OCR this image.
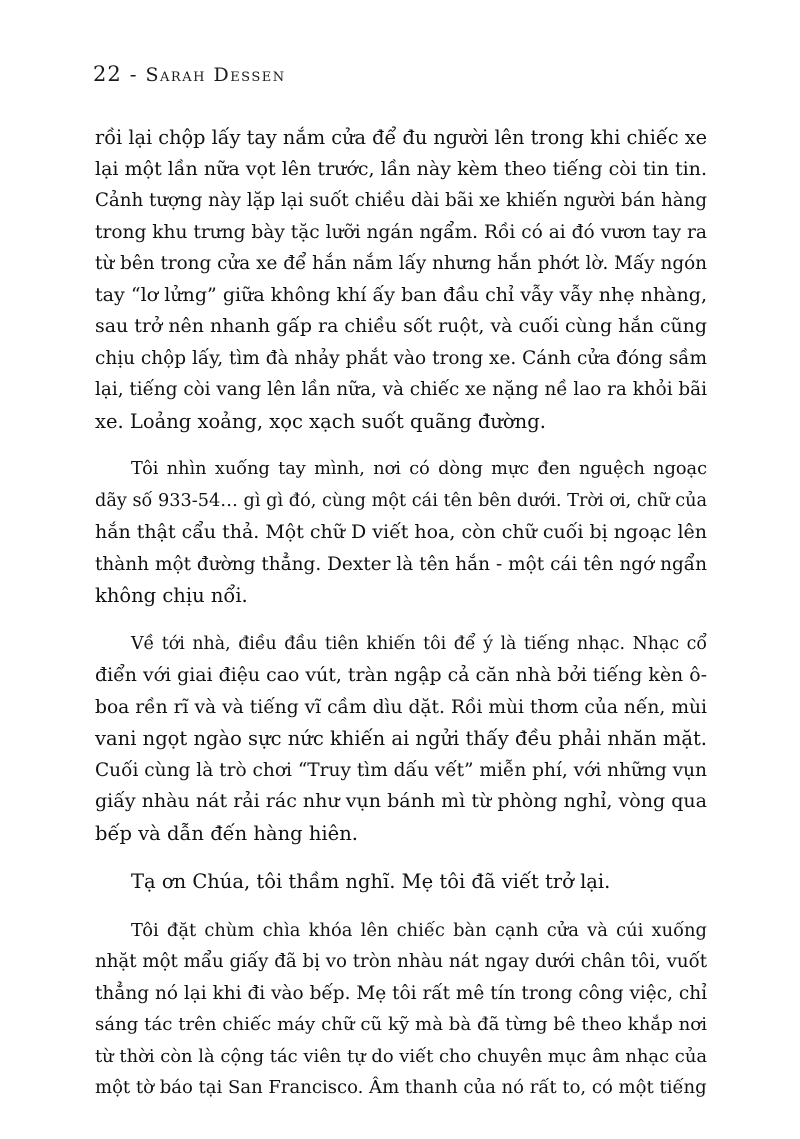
22 - Sarah Dessen
rồi lại chộp lấy tay nắm cửa để đu người lên trong khi chiếc xe
lại một lần nữa vọt lên trước, lần này kèm theo tiếng còi tin tin.
Cảnh tượng này lặp lại suốt chiều dài bãi xe khiến người bán hàng
trong khu trưng bày tặc lưỡi ngán ngẩm. Rồi có ai đó vươn tay ra
từ bên trong cửa xe để hắn nắm lấy nhưng hắn phớt lờ. Mấy ngón
tay “lơ lửng” giữa không khí ấy ban đầu chỉ vẫy vẫy nhẹ nhàng,
sau trở nên nhanh gấp ra chiều sốt ruột, và cuối cùng hắn cũng
chịu chộp lấy, tìm đà nhảy phắt vào trong xe. Cánh cửa đóng sầm
lại, tiếng còi vang lên lần nữa, và chiếc xe nặng nề lao ra khỏi bãi
xe. Loảng xoảng, xọc xạch suốt quãng đường.
Tôi nhìn xuống tay mình, nơi có dòng mực đen nguệch ngoạc
dãy số 933-54… gì gì đó, cùng một cái tên bên dưới. Trời ơi, chữ của
hắn thật cẩu thả. Một chữ D viết hoa, còn chữ cuối bị ngoạc lên
thành một đường thẳng. Dexter là tên hắn - một cái tên ngớ ngẩn
không chịu nổi.
Về tới nhà, điều đầu tiên khiến tôi để ý là tiếng nhạc. Nhạc cổ
điển với giai điệu cao vút, tràn ngập cả căn nhà bởi tiếng kèn ô-
boa rền rĩ và và tiếng vĩ cầm dìu dặt. Rồi mùi thơm của nến, mùi
vani ngọt ngào sực nức khiến ai ngửi thấy đều phải nhăn mặt.
Cuối cùng là trò chơi “Truy tìm dấu vết” miễn phí, với những vụn
giấy nhàu nát rải rác như vụn bánh mì từ phòng nghỉ, vòng qua
bếp và dẫn đến hàng hiên.
Tạ ơn Chúa, tôi thầm nghĩ. Mẹ tôi đã viết trở lại.
Tôi đặt chùm chìa khóa lên chiếc bàn cạnh cửa và cúi xuống
nhặt một mẩu giấy đã bị vo tròn nhàu nát ngay dưới chân tôi, vuốt
thẳng nó lại khi đi vào bếp. Mẹ tôi rất mê tín trong công việc, chỉ
sáng tác trên chiếc máy chữ cũ kỹ mà bà đã từng bê theo khắp nơi
từ thời còn là cộng tác viên tự do viết cho chuyên mục âm nhạc của
một tờ báo tại San Francisco. Âm thanh của nó rất to, có một tiếng
